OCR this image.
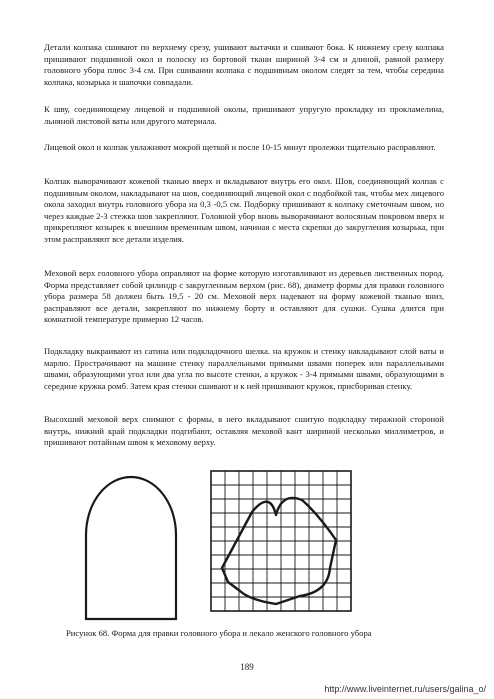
Детали колпака сшивают по верхнему срезу, ушивают вытачки и сшивают бока. К нижнему срезу колпака пришивают подшивной окол и полоску из бортовой ткани шириной 3-4 см и длиной, равной размеру головного убора плюс 3-4 см. При сшивании колпака с подшивным околом следят за тем, чтобы середина колпака, козырька и шапочки совпадали.

К шву, соединяющему лицевой и подшивной околы, пришивают упругую прокладку из прокламелина, льняной листовой ваты или другого материала.

Лицевой окол и колпак увлажняют мокрой щеткой и после 10-15 минут пролежки тщательно расправляют.

Колпак выворачивают кожевой тканью вверх и вкладывают внутрь его окол. Шов, соединяющий колпак с подшивным околом, накладывают на шов, соединяющий лицевой окол с подбойкой так, чтобы мех лицевого окола заходил внутрь головного убора на 0,3 -0,5 см. Подборку пришивают к колпаку сметочным швом, но через каждые 2-3 стежка шов закрепляют. Головной убор вновь выворачивают волосяным покровом вверх и прикрепляют козырек к внешним временным швом, начиная с места скрепки до закругления козырька, при этом расправляют все детали изделия.

Меховой верх головного убора оправляют на форме которую изготавливают из деревьев лиственных пород. Форма представляет собой цилиндр с закругленным верхом (рис. 68), диаметр формы для правки головного убора размера 58 должен быть 19,5 - 20 см. Меховой верх надевают на форму кожевой тканью вниз, расправляют все детали, закрепляют по нижнему борту и оставляют для сушки. Сушка длится при комнатной температуре примерно 12 часов.

Подкладку выкраивают из сатина или подкладочного шелка. на кружок и стенку накладывают слой ваты и марлю. Прострачивают на машине стенку параллельными прямыми швами поперек или параллельными швами, образующими угол или два угла по высоте стенки, а кружок - 3-4 прямыми швами, образующими в середине кружка ромб. Затем края стенки сшивают и к ней пришивают кружок, присборивая стенку.

Высохший меховой верх снимают с формы, в него вкладывают сшитую подкладку тиражной стороной внутрь, нижний край подкладки подгибают, оставляя меховой кант шириной несколько миллиметров, и пришивают потайным швом к меховому верху.

Рисунок 68. Форма для правки головного убора и лекало женского головного убора

189

http://www.liveinternet.ru/users/galina_o/
